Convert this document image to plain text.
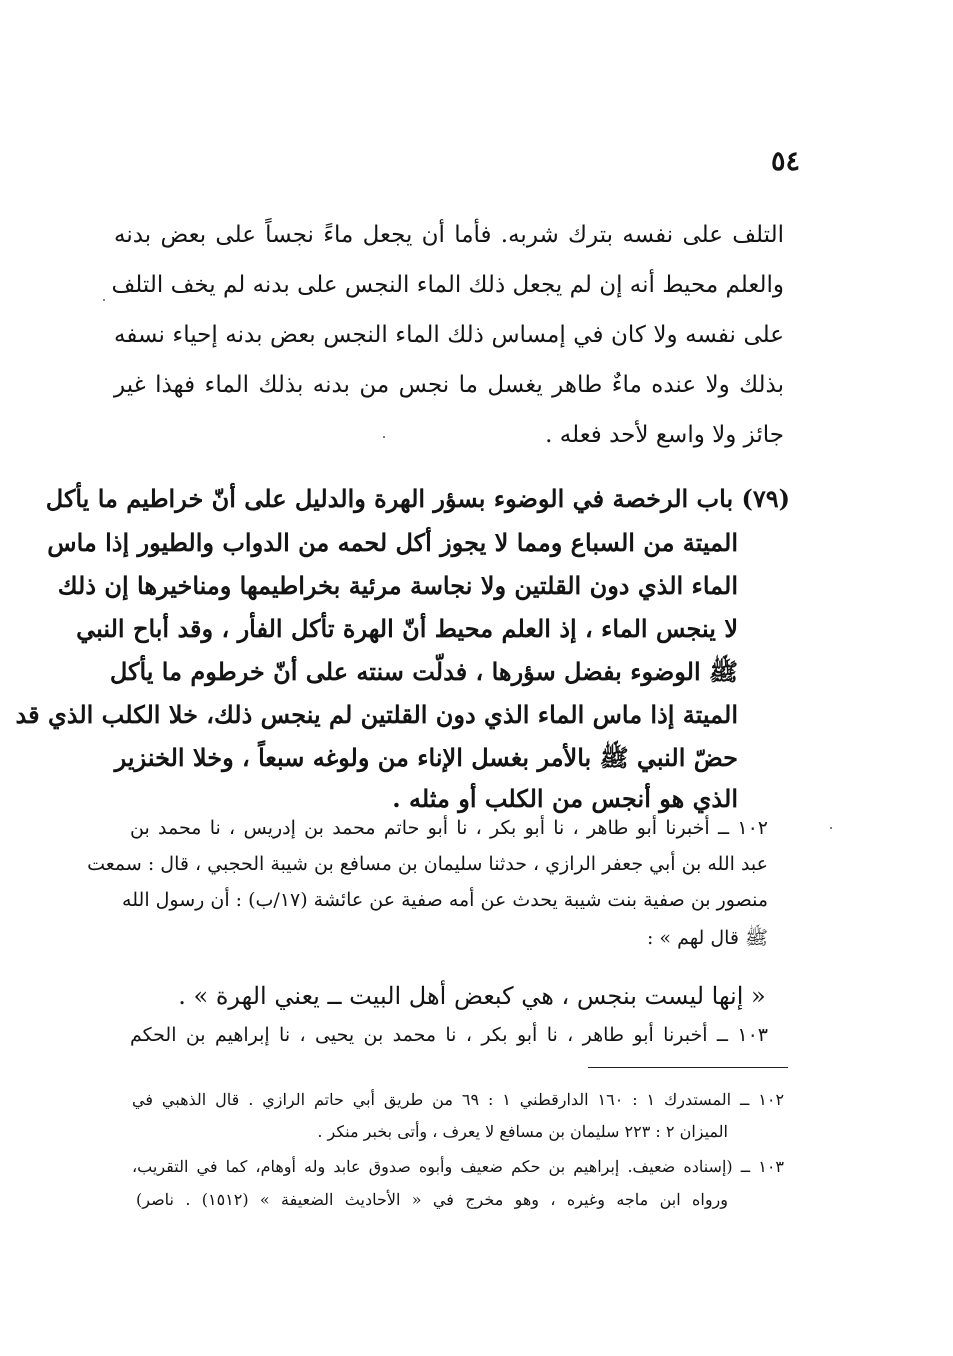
٥٤
التلف على نفسه بترك شربه. فأما أن يجعل ماءً نجساً على بعض بدنه
والعلم محيط أنه إن لم يجعل ذلك الماء النجس على بدنه لم يخف التلف
على نفسه ولا كان في إمساس ذلك الماء النجس بعض بدنه إحياء نسفه
بذلك ولا عنده ماءٌ طاهر يغسل ما نجس من بدنه بذلك الماء فهذا غير
جائز ولا واسع لأحد فعله .
(٧٩) باب الرخصة في الوضوء بسؤر الهرة والدليل على أنّ خراطيم ما يأكل
الميتة من السباع ومما لا يجوز أكل لحمه من الدواب والطيور إذا ماس
الماء الذي دون القلتين ولا نجاسة مرئية بخراطيمها ومناخيرها إن ذلك
لا ينجس الماء ، إذ العلم محيط أنّ الهرة تأكل الفأر ، وقد أباح النبي
ﷺ الوضوء بفضل سؤرها ، فدلّت سنته على أنّ خرطوم ما يأكل
الميتة إذا ماس الماء الذي دون القلتين لم ينجس ذلك، خلا الكلب الذي قد
حضّ النبي ﷺ بالأمر بغسل الإناء من ولوغه سبعاً ، وخلا الخنزير
الذي هو أنجس من الكلب أو مثله .
١٠٢ ــ أخبرنا أبو طاهر ، نا أبو بكر ، نا أبو حاتم محمد بن إدريس ، نا محمد بن
عبد الله بن أبي جعفر الرازي ، حدثنا سليمان بن مسافع بن شيبة الحجبي ، قال : سمعت
منصور بن صفية بنت شيبة يحدث عن أمه صفية عن عائشة (١٧/ب) : أن رسول الله
ﷺ قال لهم » :
« إنها ليست بنجس ، هي كبعض أهل البيت ــ يعني الهرة » .
١٠٣ ــ أخبرنا أبو طاهر ، نا أبو بكر ، نا محمد بن يحيى ، نا إبراهيم بن الحكم
١٠٢ ــ المستدرك ١ : ١٦٠ الدارقطني ١ : ٦٩ من طريق أبي حاتم الرازي . قال الذهبي في
الميزان ٢ : ٢٢٣ سليمان بن مسافع لا يعرف ، وأتى بخبر منكر .
١٠٣ ــ (إسناده ضعيف. إبراهيم بن حكم ضعيف وأبوه صدوق عابد وله أوهام، كما في التقريب،
ورواه ابن ماجه وغيره ، وهو مخرج في « الأحاديث الضعيفة » (١٥١٢) . ناصر)
